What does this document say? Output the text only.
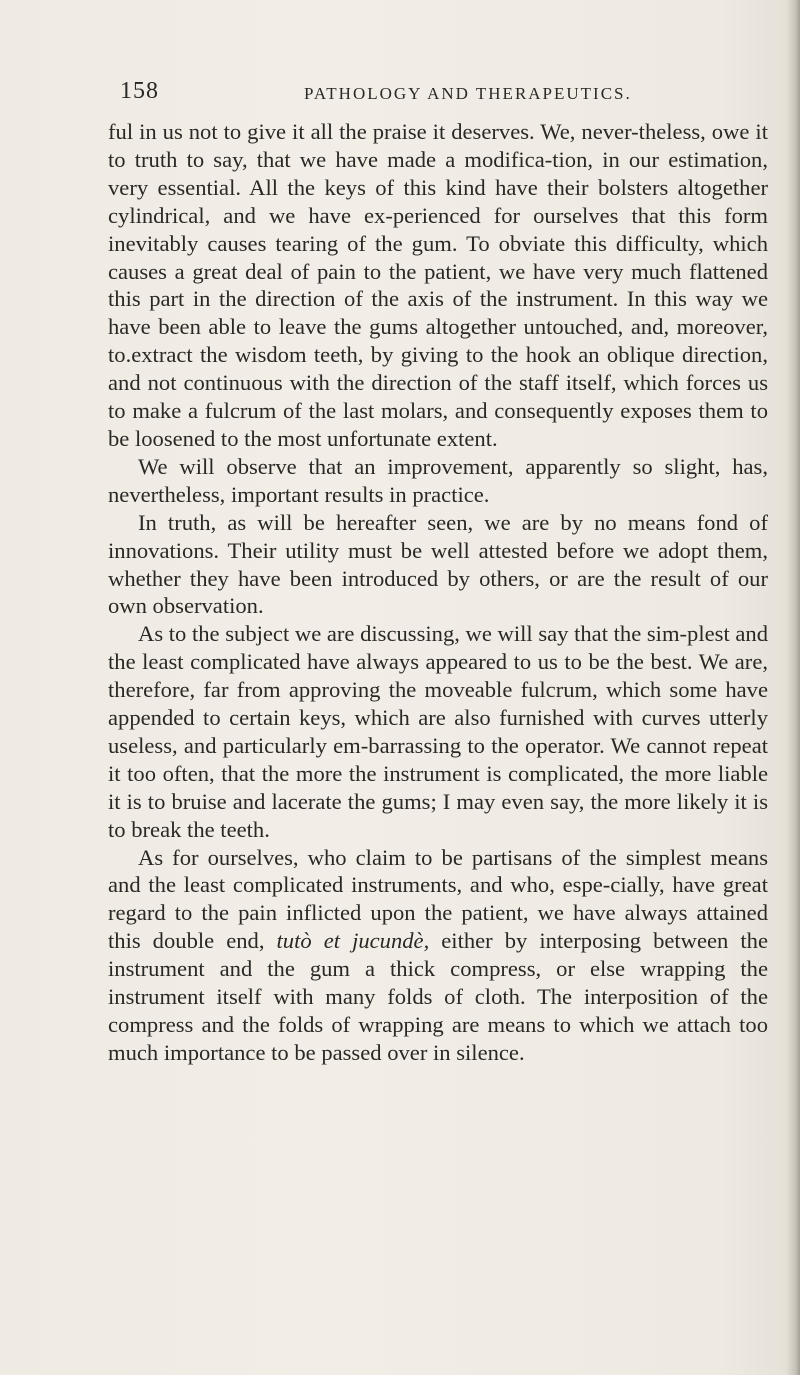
158	PATHOLOGY AND THERAPEUTICS.

ful in us not to give it all the praise it deserves. We, never-theless, owe it to truth to say, that we have made a modifica-tion, in our estimation, very essential. All the keys of this kind have their bolsters altogether cylindrical, and we have ex-perienced for ourselves that this form inevitably causes tearing of the gum. To obviate this difficulty, which causes a great deal of pain to the patient, we have very much flattened this part in the direction of the axis of the instrument. In this way we have been able to leave the gums altogether untouched, and, moreover, to.extract the wisdom teeth, by giving to the hook an oblique direction, and not continuous with the direction of the staff itself, which forces us to make a fulcrum of the last molars, and consequently exposes them to be loosened to the most unfortunate extent.

We will observe that an improvement, apparently so slight, has, nevertheless, important results in practice.

In truth, as will be hereafter seen, we are by no means fond of innovations. Their utility must be well attested before we adopt them, whether they have been introduced by others, or are the result of our own observation.

As to the subject we are discussing, we will say that the sim-plest and the least complicated have always appeared to us to be the best. We are, therefore, far from approving the moveable fulcrum, which some have appended to certain keys, which are also furnished with curves utterly useless, and particularly em-barrassing to the operator. We cannot repeat it too often, that the more the instrument is complicated, the more liable it is to bruise and lacerate the gums; I may even say, the more likely it is to break the teeth.

As for ourselves, who claim to be partisans of the simplest means and the least complicated instruments, and who, espe-cially, have great regard to the pain inflicted upon the patient, we have always attained this double end, tutò et jucundè, either by interposing between the instrument and the gum a thick compress, or else wrapping the instrument itself with many folds of cloth. The interposition of the compress and the folds of wrapping are means to which we attach too much importance to be passed over in silence.
